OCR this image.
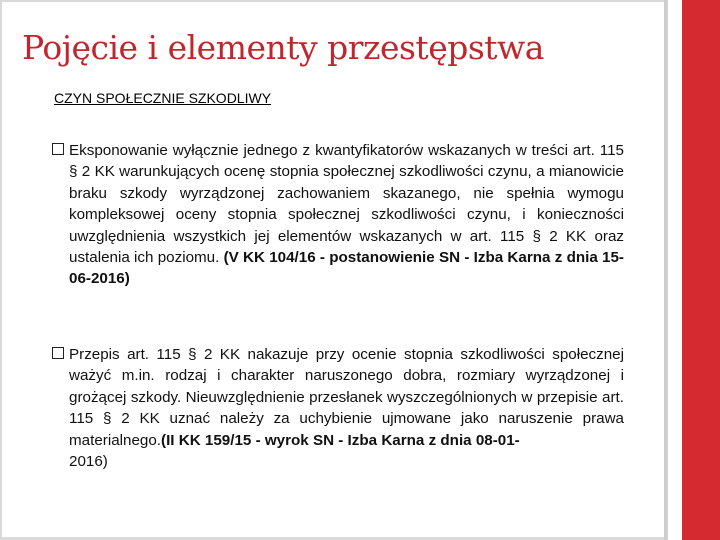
Pojęcie i elementy przestępstwa
CZYN SPOŁECZNIE SZKODLIWY
Eksponowanie wyłącznie jednego z kwantyfikatorów wskazanych w treści art. 115 § 2 KK warunkujących ocenę stopnia społecznej szkodliwości czynu, a mianowicie braku szkody wyrządzonej zachowaniem skazanego, nie spełnia wymogu kompleksowej oceny stopnia społecznej szkodliwości czynu, i konieczności uwzględnienia wszystkich jej elementów wskazanych w art. 115 § 2 KK oraz ustalenia ich poziomu. (V KK 104/16 - postanowienie SN - Izba Karna z dnia 15-06-2016)
Przepis art. 115 § 2 KK nakazuje przy ocenie stopnia szkodliwości społecznej ważyć m.in. rodzaj i charakter naruszonego dobra, rozmiary wyrządzonej i grożącej szkody. Nieuwzględnienie przesłanek wyszczególnionych w przepisie art. 115 § 2 KK uznać należy za uchybienie ujmowane jako naruszenie prawa materialnego.(II KK 159/15 - wyrok SN - Izba Karna z dnia 08-01-
2016)
